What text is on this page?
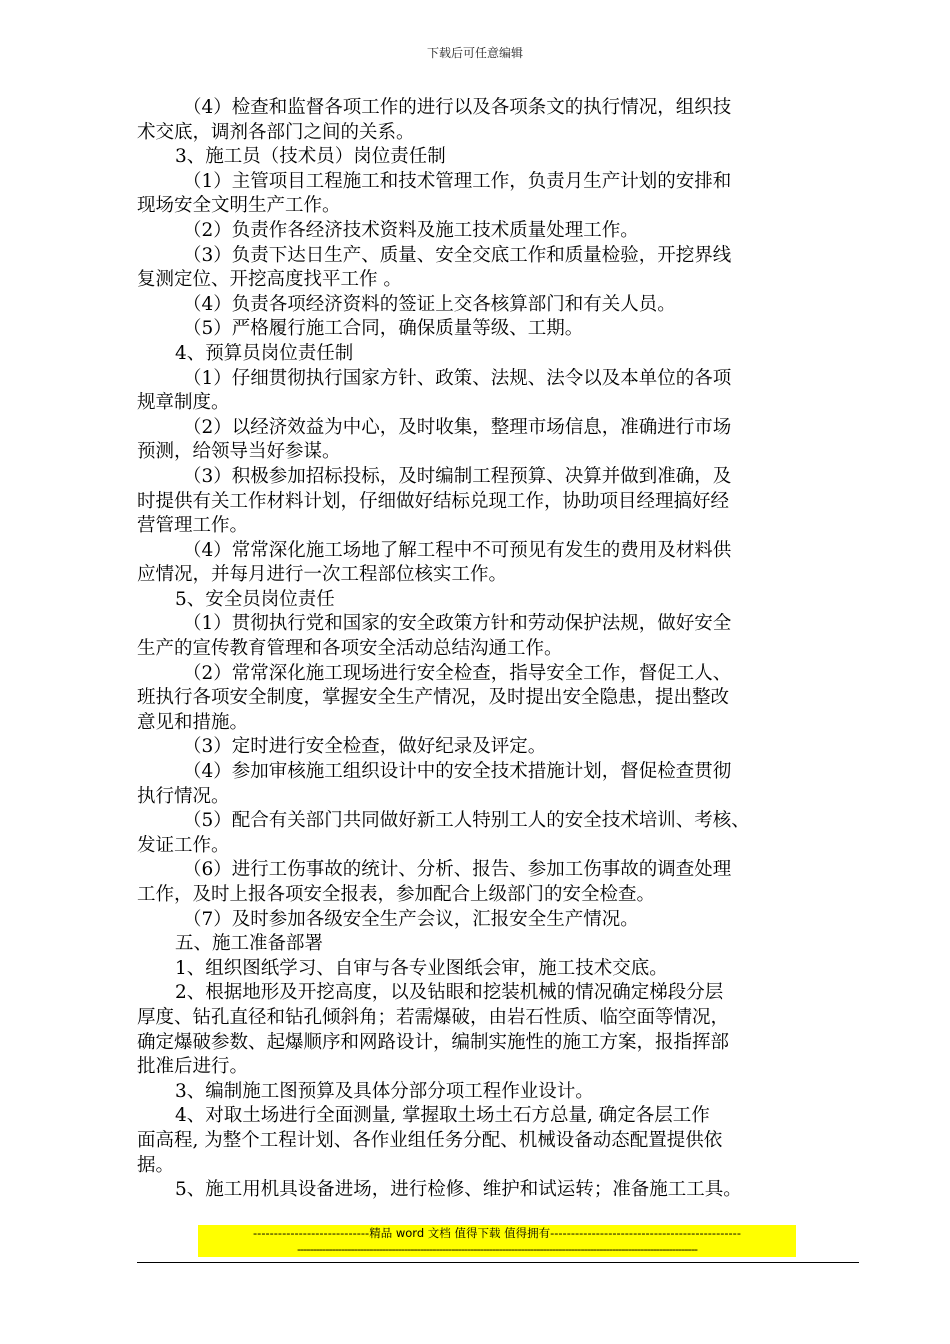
下载后可任意编辑

（4）检查和监督各项工作的进行以及各项条文的执行情况，组织技

术交底，调剂各部门之间的关系。

3、施工员（技术员）岗位责任制

（1）主管项目工程施工和技术管理工作，负责月生产计划的安排和

现场安全文明生产工作。

（2）负责作各经济技术资料及施工技术质量处理工作。

（3）负责下达日生产、质量、安全交底工作和质量检验，开挖界线

复测定位、开挖高度找平工作 。

（4）负责各项经济资料的签证上交各核算部门和有关人员。

（5）严格履行施工合同，确保质量等级、工期。

4、预算员岗位责任制

（1）仔细贯彻执行国家方针、政策、法规、法令以及本单位的各项

规章制度。

（2）以经济效益为中心，及时收集，整理市场信息，准确进行市场

预测，给领导当好参谋。

（3）积极参加招标投标，及时编制工程预算、决算并做到准确，及

时提供有关工作材料计划，仔细做好结标兑现工作，协助项目经理搞好经

营管理工作。

（4）常常深化施工场地了解工程中不可预见有发生的费用及材料供

应情况，并每月进行一次工程部位核实工作。

5、安全员岗位责任

（1）贯彻执行党和国家的安全政策方针和劳动保护法规，做好安全

生产的宣传教育管理和各项安全活动总结沟通工作。

（2）常常深化施工现场进行安全检查，指导安全工作，督促工人、

班执行各项安全制度，掌握安全生产情况，及时提出安全隐患，提出整改

意见和措施。

（3）定时进行安全检查，做好纪录及评定。

（4）参加审核施工组织设计中的安全技术措施计划，督促检查贯彻

执行情况。

（5）配合有关部门共同做好新工人特别工人的安全技术培训、考核、

发证工作。

（6）进行工伤事故的统计、分析、报告、参加工伤事故的调查处理

工作，及时上报各项安全报表，参加配合上级部门的安全检查。

（7）及时参加各级安全生产会议，汇报安全生产情况。

五、施工准备部署

1、组织图纸学习、自审与各专业图纸会审，施工技术交底。

2、根据地形及开挖高度，以及钻眼和挖装机械的情况确定梯段分层

厚度、钻孔直径和钻孔倾斜角；若需爆破，由岩石性质、临空面等情况，

确定爆破参数、起爆顺序和网路设计，编制实施性的施工方案，报指挥部

批准后进行。

3、编制施工图预算及具体分部分项工程作业设计。

4、对取土场进行全面测量, 掌握取土场土石方总量, 确定各层工作

面高程, 为整个工程计划、各作业组任务分配、机械设备动态配置提供依

据。

5、施工用机具设备进场，进行检修、维护和试运转；准备施工工具。

----------------------------精品 word 文档 值得下载 值得拥有----------------------------------------------
-------------------------------------------------------------------------------------------------------------------------------
